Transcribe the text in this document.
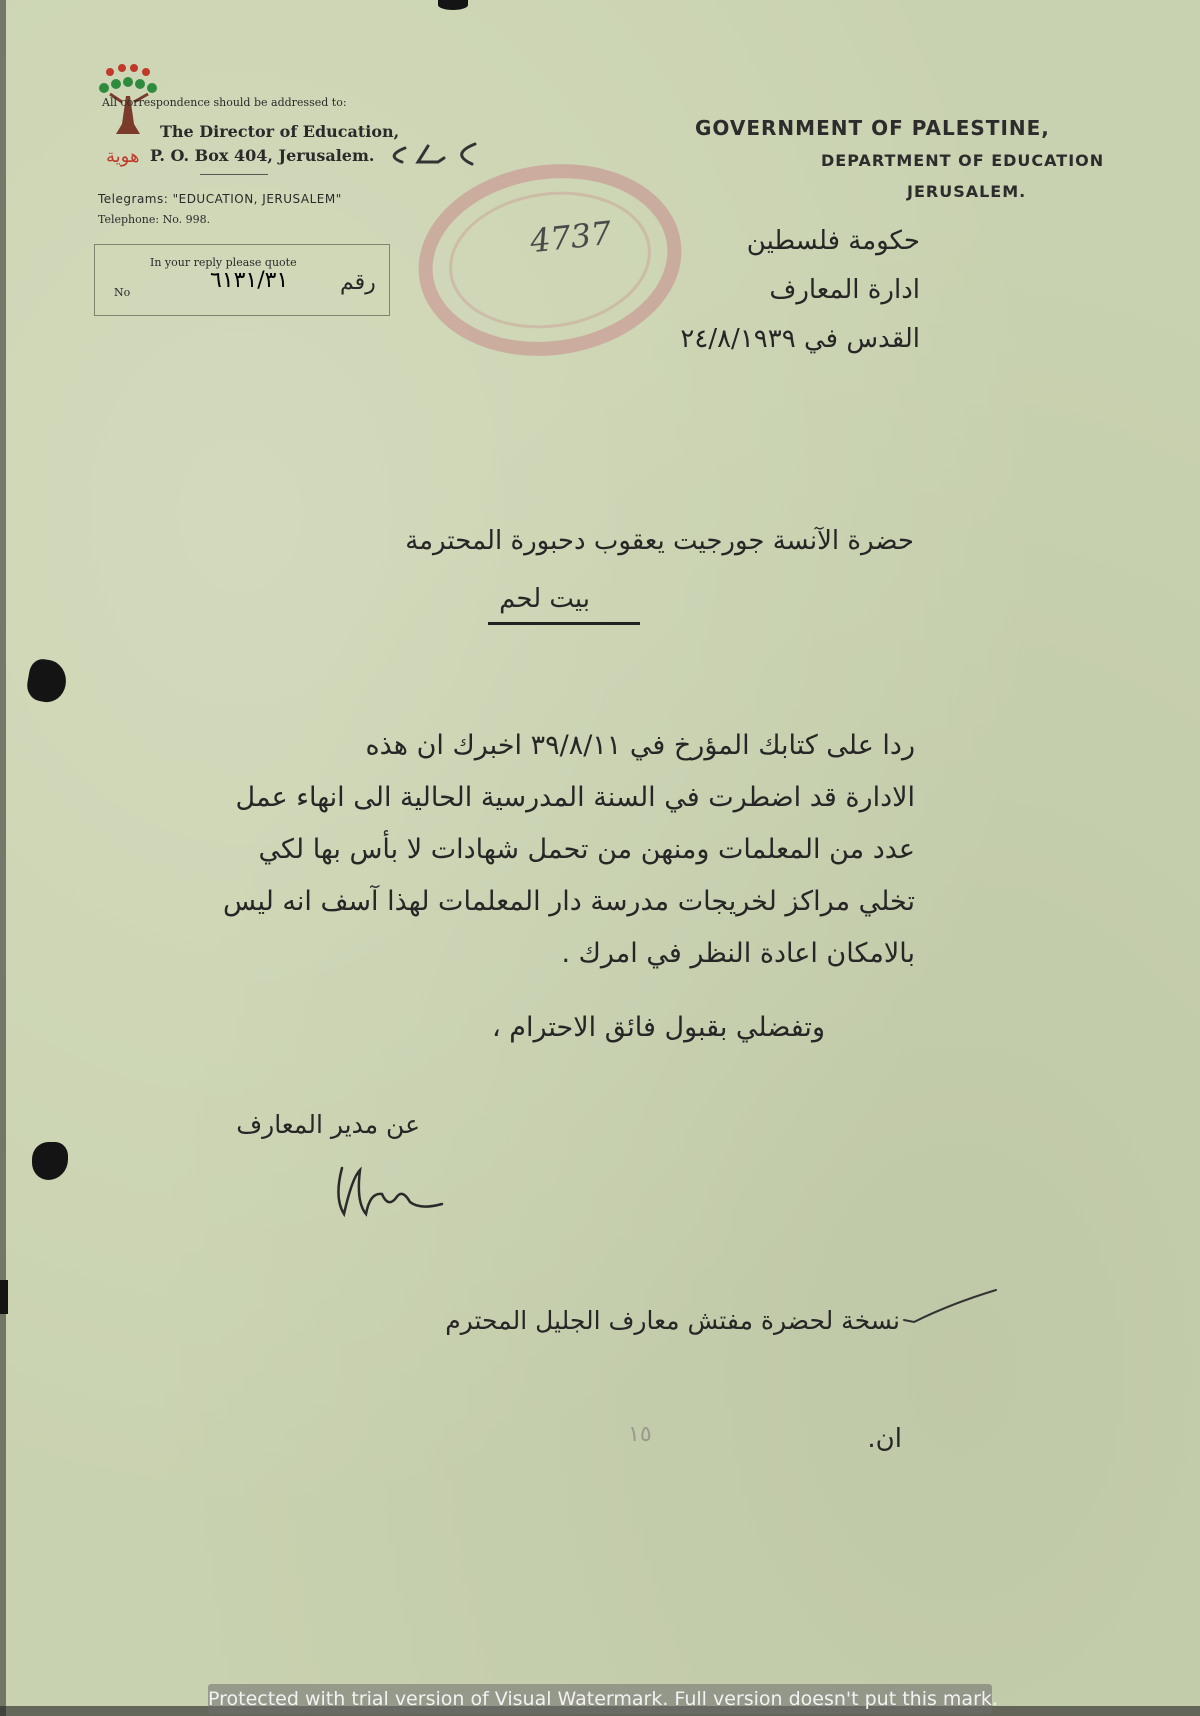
هوية
All correspondence should be addressed to:
The Director of Education,
P. O. Box 404, Jerusalem.
Telegrams: "EDUCATION, JERUSALEM"
Telephone: No. 998.
In your reply please quote
No	٦١٣١/٣١ رقم
GOVERNMENT OF PALESTINE,
DEPARTMENT OF EDUCATION
JERUSALEM.
حكومة فلسطين
ادارة المعارف
القدس في ٢٤/٨/١٩٣٩
4737
حضرة الآنسة جورجيت يعقوب دحبورة المحترمة
بيت لحم
ردا على كتابك المؤرخ في ٣٩/٨/١١ اخبرك ان هذه
الادارة قد اضطرت في السنة المدرسية الحالية الى انهاء عمل
عدد من المعلمات ومنهن من تحمل شهادات لا بأس بها لكي
تخلي مراكز لخريجات مدرسة دار المعلمات لهذا آسف انه ليس
بالامكان اعادة النظر في امرك .
وتفضلي بقبول فائق الاحترام ،
عن مدير المعارف
نسخة لحضرة مفتش معارف الجليل المحترم
١٥	ان.
Protected with trial version of Visual Watermark. Full version doesn't put this mark.
